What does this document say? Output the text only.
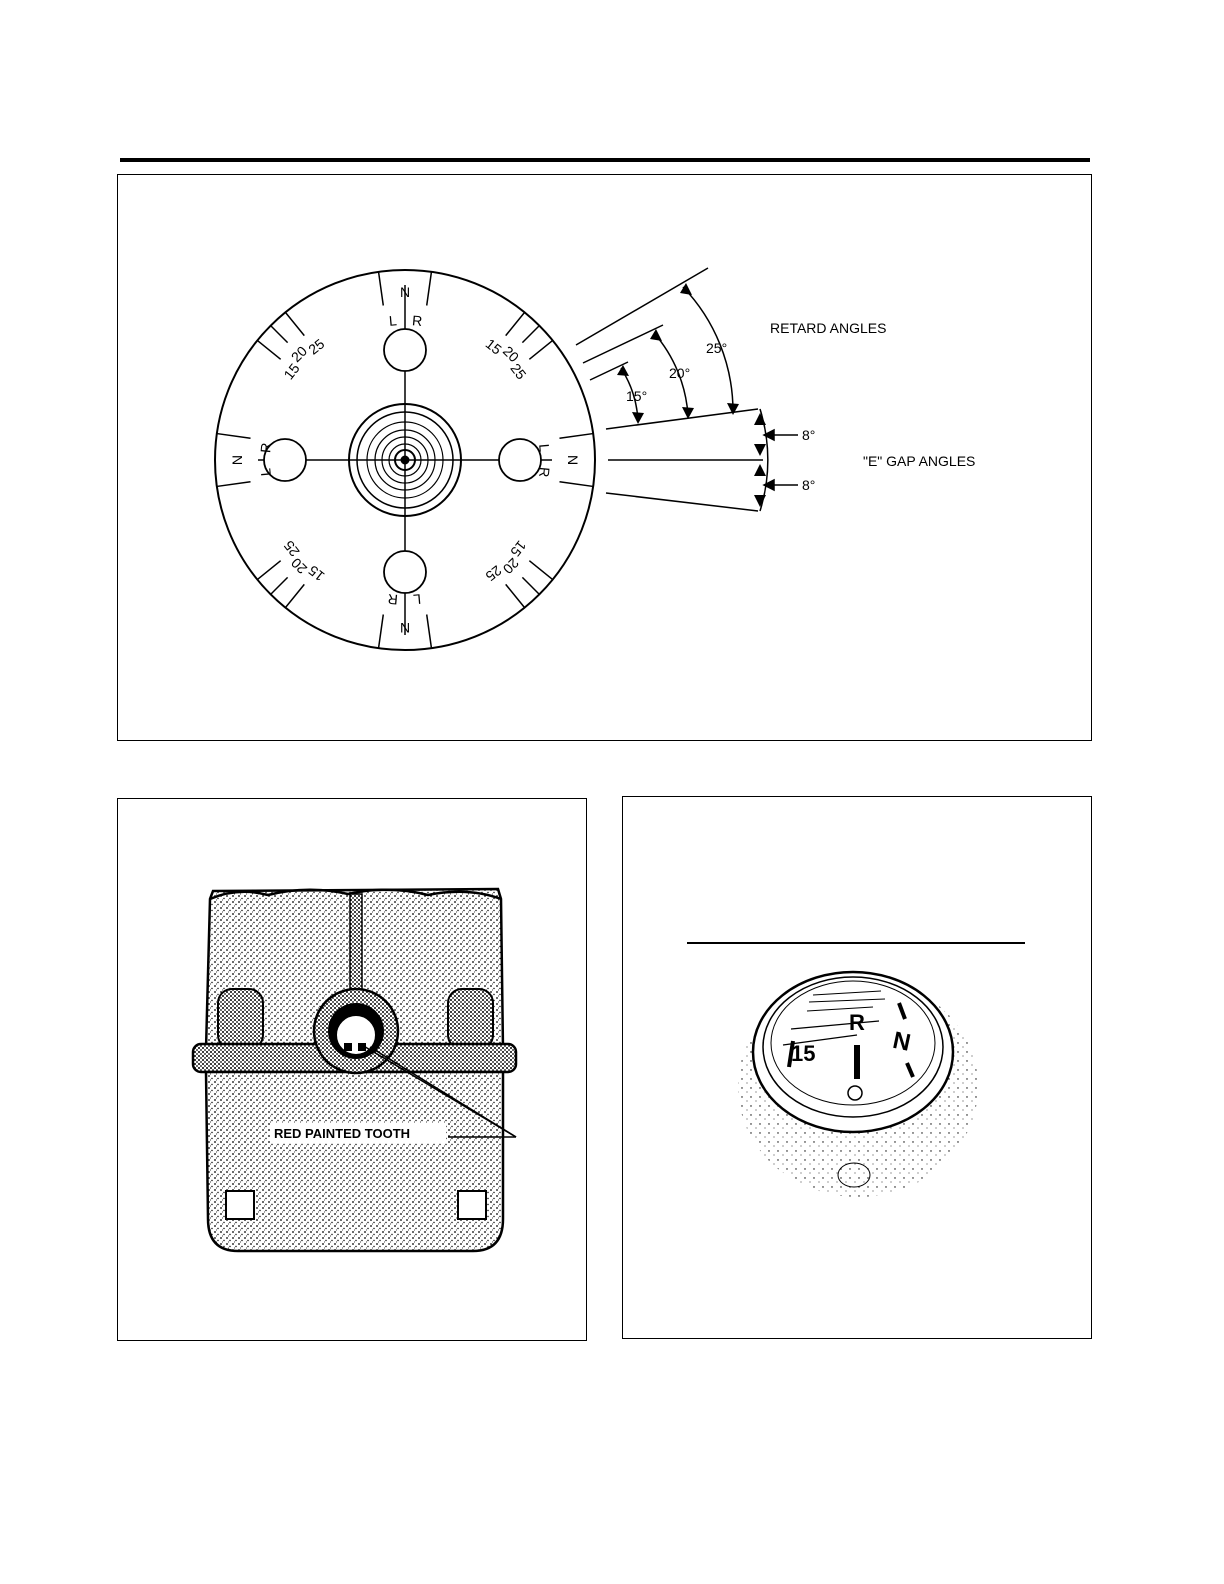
N
L
R
N
L
R
N
L
R
N
L R
15
20
25
15
20
25
15
20
25	15
20
25
15°
20°
25°
8°
8°
RETARD ANGLES
"E" GAP ANGLES
RED PAINTED TOOTH
R
N
15
